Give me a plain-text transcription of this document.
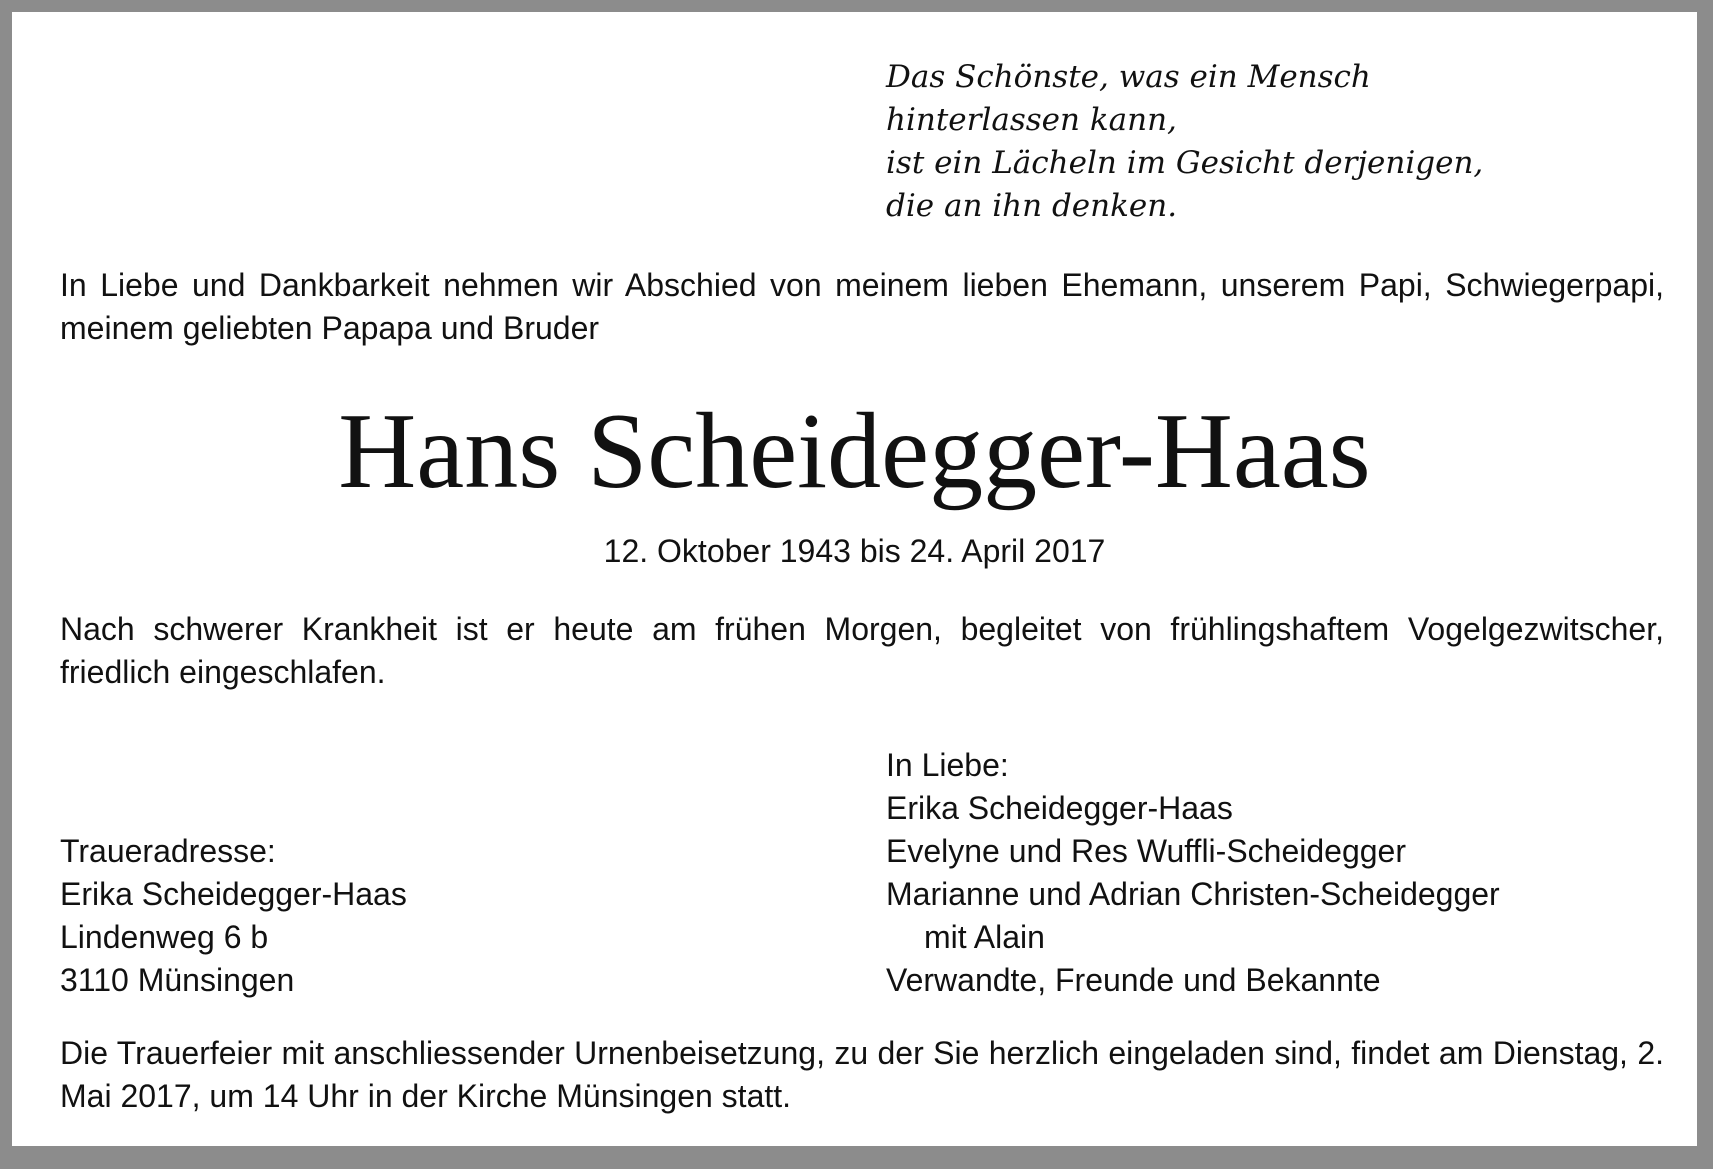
Das Schönste, was ein Mensch
hinterlassen kann,
ist ein Lächeln im Gesicht derjenigen,
die an ihn denken.
In Liebe und Dankbarkeit nehmen wir Abschied von meinem lieben Ehemann, unserem Papi, Schwiegerpapi, meinem geliebten Papapa und Bruder
Hans Scheidegger-Haas
12. Oktober 1943 bis 24. April 2017
Nach schwerer Krankheit ist er heute am frühen Morgen, begleitet von frühlingshaftem Vogelgezwitscher, friedlich eingeschlafen.
Traueradresse:
Erika Scheidegger-Haas
Lindenweg 6 b
3110 Münsingen
In Liebe:
Erika Scheidegger-Haas
Evelyne und Res Wuffli-Scheidegger
Marianne und Adrian Christen-Scheidegger
mit Alain
Verwandte, Freunde und Bekannte
Die Trauerfeier mit anschliessender Urnenbeisetzung, zu der Sie herzlich eingeladen sind, findet am Dienstag, 2. Mai 2017, um 14 Uhr in der Kirche Münsingen statt.
